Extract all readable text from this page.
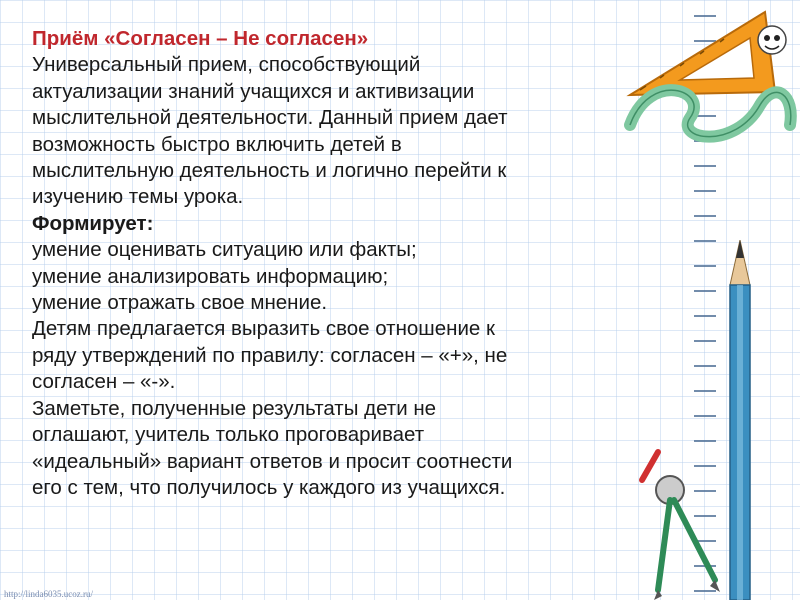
Приём «Согласен – Не согласен»

Универсальный прием, способствующий

актуализации знаний учащихся и активизации

мыслительной деятельности. Данный прием дает

возможность быстро включить детей в

мыслительную деятельность и логично перейти к

изучению темы урока.

Формирует:

умение оценивать ситуацию или факты;

умение анализировать информацию;

умение отражать свое мнение.

Детям предлагается выразить свое отношение к

ряду утверждений по правилу: согласен – «+», не

согласен – «-».

Заметьте, полученные результаты дети не

оглашают, учитель только проговаривает

«идеальный» вариант ответов и просит соотнести

его с тем, что получилось у каждого из учащихся.

http://linda6035.ucoz.ru/
